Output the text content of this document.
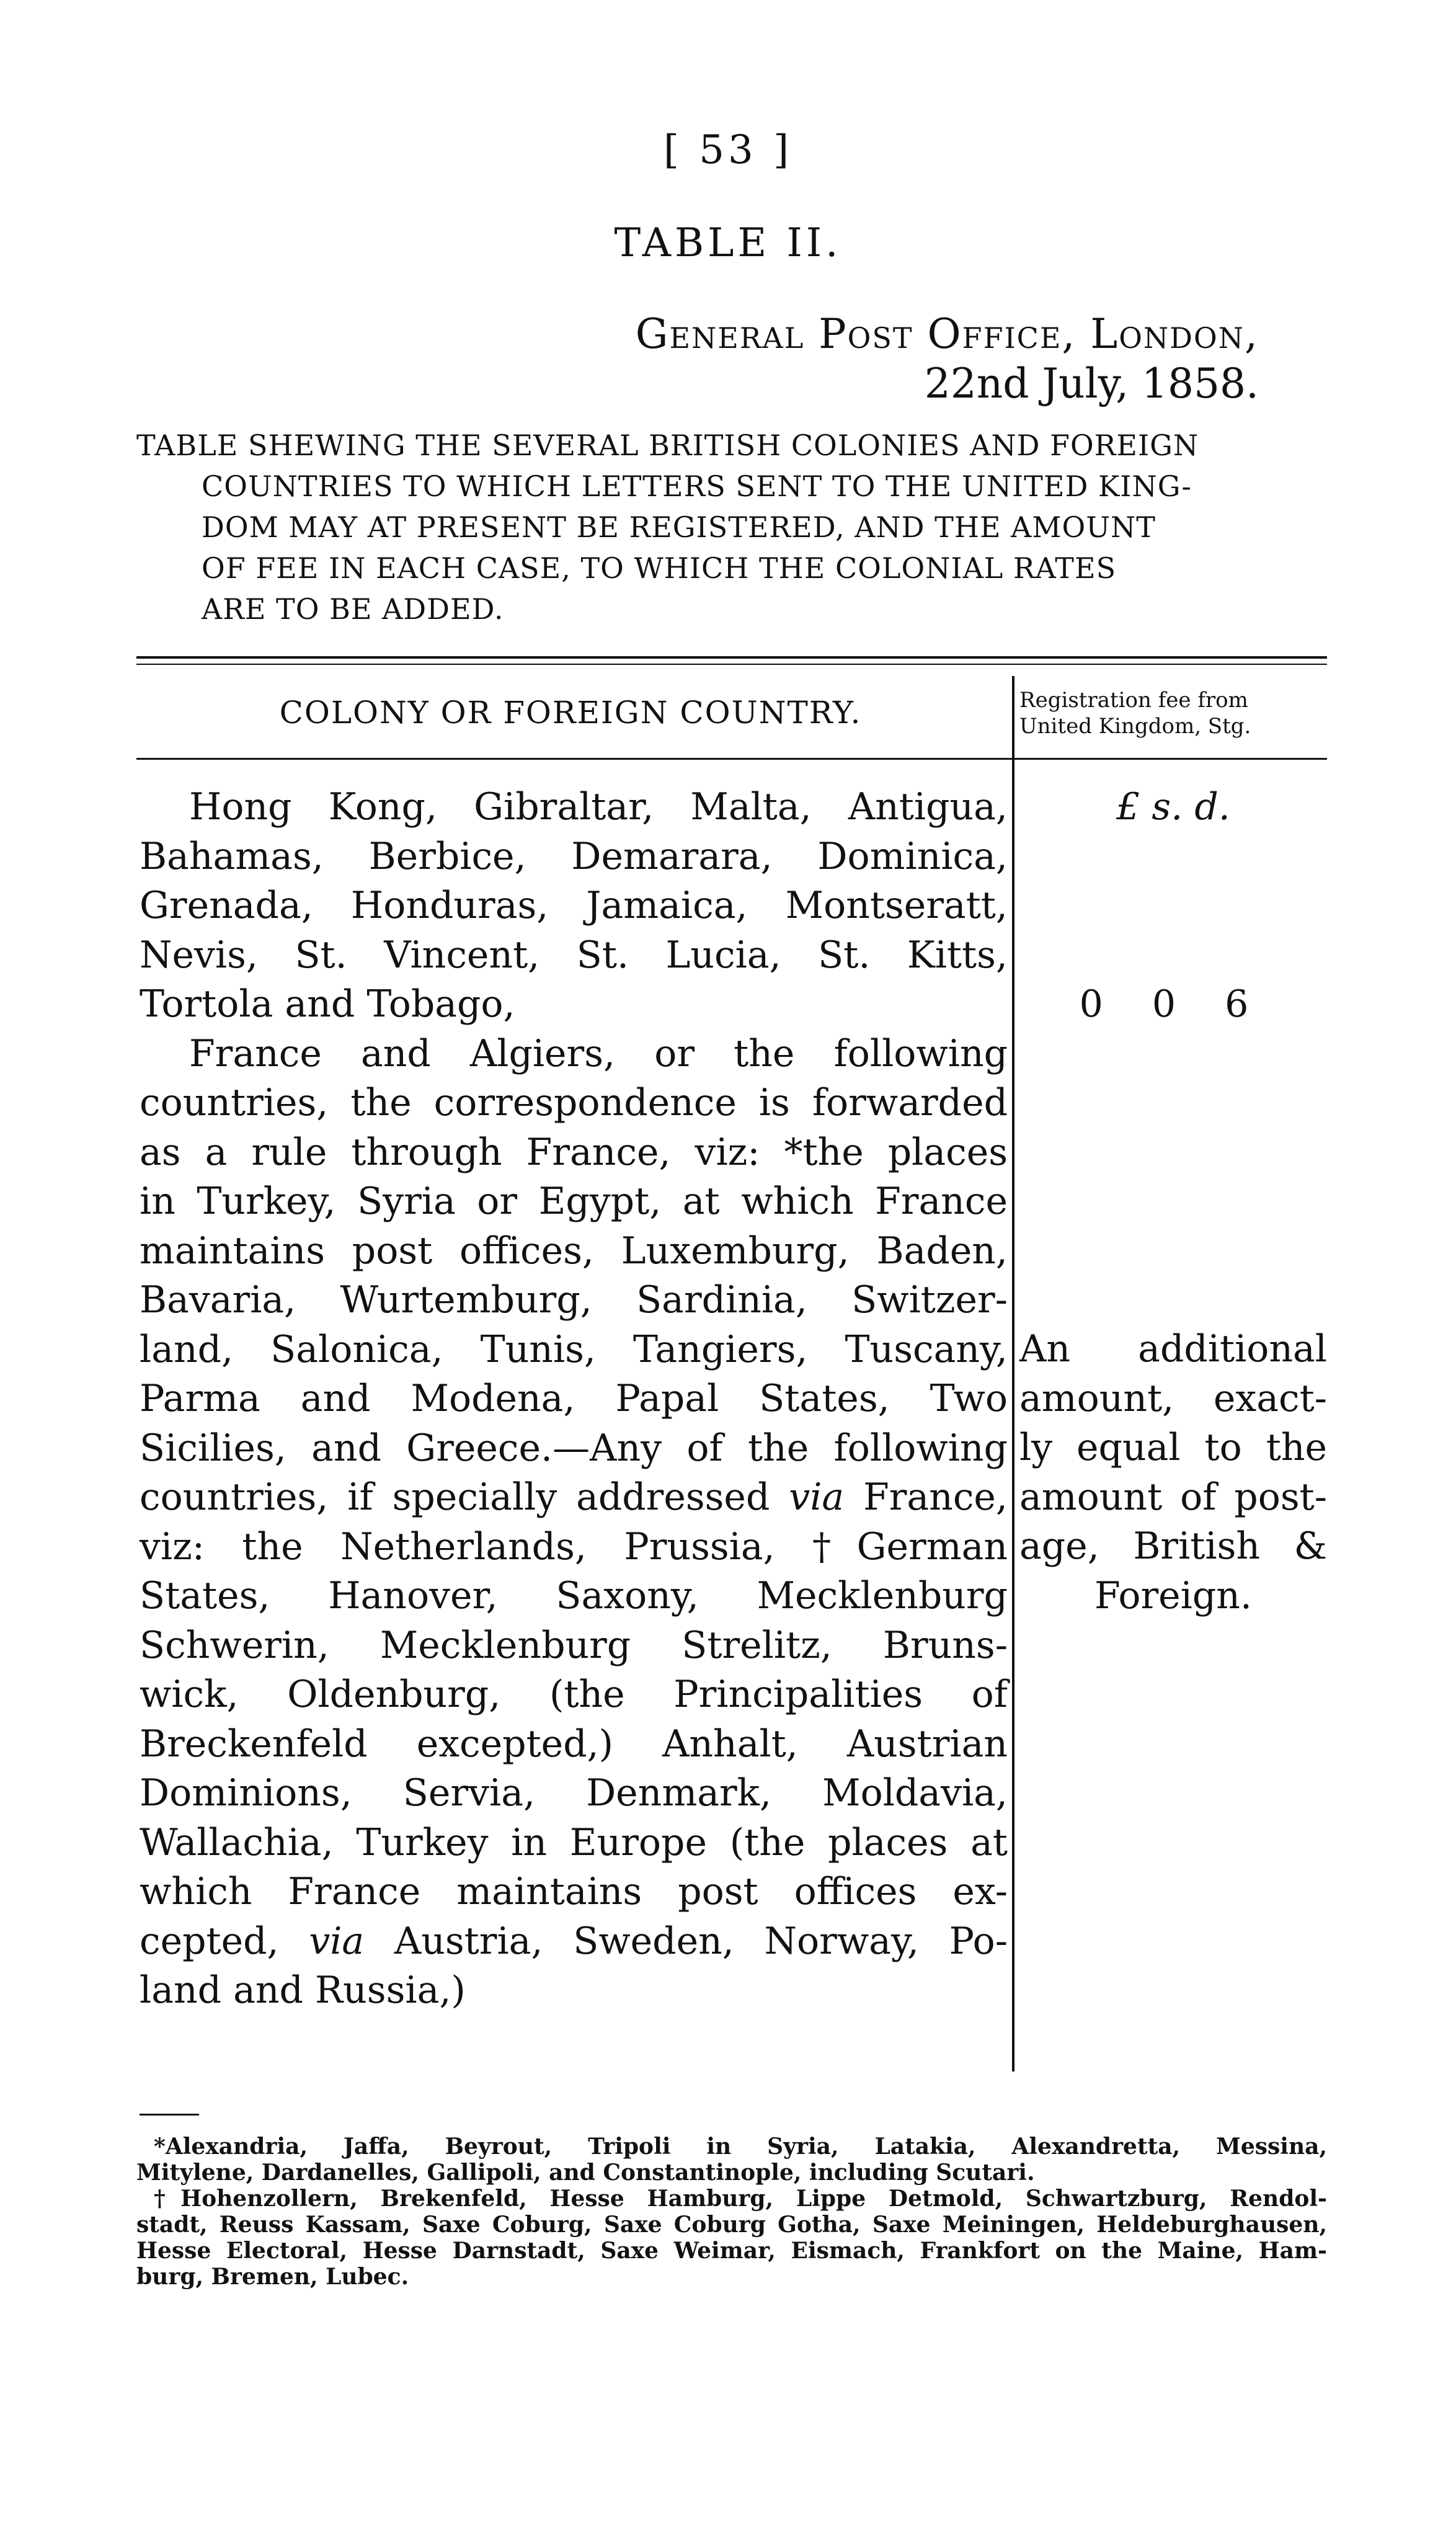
[ 53 ]
TABLE II.
General Post Office, London,
22nd July, 1858.
TABLE SHEWING THE SEVERAL BRITISH COLONIES AND FOREIGN
COUNTRIES TO WHICH LETTERS SENT TO THE UNITED KING-
DOM MAY AT PRESENT BE REGISTERED, AND THE AMOUNT
OF FEE IN EACH CASE, TO WHICH THE COLONIAL RATES
ARE TO BE ADDED.
COLONY OR FOREIGN COUNTRY.	Registration fee from
United Kingdom, Stg.
Hong Kong, Gibraltar, Malta, Antigua,
Bahamas, Berbice, Demarara, Dominica,
Grenada, Honduras, Jamaica, Montseratt,
Nevis, St. Vincent, St. Lucia, St. Kitts,
Tortola and Tobago,
France and Algiers, or the following
countries, the correspondence is forwarded
as a rule through France, viz: *the places
in Turkey, Syria or Egypt, at which France
maintains post offices, Luxemburg, Baden,
Bavaria, Wurtemburg, Sardinia, Switzer-
land, Salonica, Tunis, Tangiers, Tuscany,
Parma and Modena, Papal States, Two
Sicilies, and Greece.—Any of the following
countries, if specially addressed via France,
viz: the Netherlands, Prussia, †German
States, Hanover, Saxony, Mecklenburg
Schwerin, Mecklenburg Strelitz, Bruns-
wick, Oldenburg, (the Principalities of
Breckenfeld excepted,) Anhalt, Austrian
Dominions, Servia, Denmark, Moldavia,
Wallachia, Turkey in Europe (the places at
which France maintains post offices ex-
cepted, via Austria, Sweden, Norway, Po-
land and Russia,)
£ s. d.
0 0 6
An additional
amount, exact-
ly equal to the
amount of post-
age, British &
Foreign.
*Alexandria, Jaffa, Beyrout, Tripoli in Syria, Latakia, Alexandretta, Messina,
Mitylene, Dardanelles, Gallipoli, and Constantinople, including Scutari.
†Hohenzollern, Brekenfeld, Hesse Hamburg, Lippe Detmold, Schwartzburg, Rendol-
stadt, Reuss Kassam, Saxe Coburg, Saxe Coburg Gotha, Saxe Meiningen, Heldeburghausen,
Hesse Electoral, Hesse Darnstadt, Saxe Weimar, Eismach, Frankfort on the Maine, Ham-
burg, Bremen, Lubec.
